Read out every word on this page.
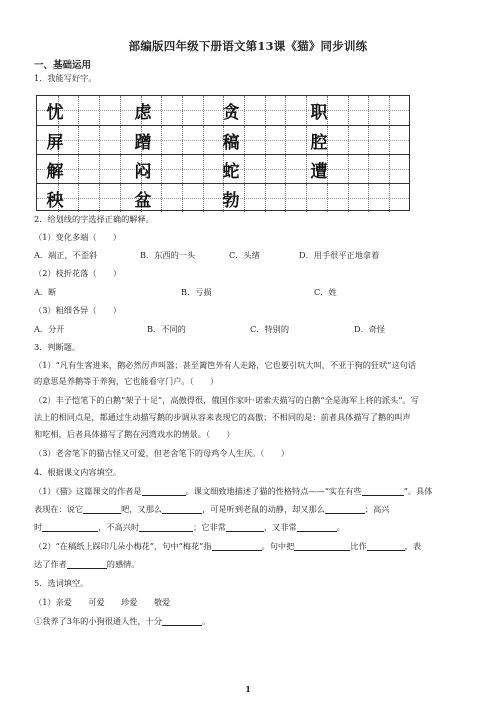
部编版四年级下册语文第13课《猫》同步训练
一、基础运用
1．我能写好字。
忧	虑	贪	职
屏	蹭	稿	腔
解	闷	蛇	遭
秧	盆	勃
2．给划线的字选择正确的解释。
（1）变化多端（　　）
A．端正，不歪斜	B．东西的一头	C．头绪	D．用手很平正地拿着
（2）枝折花落（　　）
A．断	B．亏损	C．姓
（3）粗细各异（　　）
A．分开	B．不同的	C．特别的	D．奇怪
3．判断题。
（1）“凡有生客进来，鹅必然厉声叫嚣；甚至篱笆外有人走路，它也要引吭大叫，不亚于狗的狂吠”这句话
的意思是养鹅等于养狗，它也能看守门户。（　　）
（2）丰子恺笔下的白鹅“架子十足”，高傲得很，俄国作家叶·诺索夫描写的白鹅“全是海军上将的派头”。写
法上的相同点是，都通过生动描写鹅的步调从容来表现它的高傲；不相同的是：前者具体描写了鹅的叫声
和吃相，后者具体描写了鹅在河湾戏水的情景。（　　）
（3）老舍笔下的猫古怪又可爱，但老舍笔下的母鸡令人生厌。（　　）
4．根据课文内容填空。
（1）《猫》这篇课文的作者是	。课文细致地描述了猫的性格特点——“实在有些	”。具体
表现在：说它	吧，又那么	，可是听到老鼠的动静，却又那么	；高兴
时	，不高兴时	；它非常	，又非常	。
（2）“在稿纸上踩印几朵小梅花”，句中“梅花”指	。句中把	比作	，表
达了作者	的感情。
5．选词填空。
（1）亲爱　　可爱　　珍爱　　敬爱
①我养了3年的小狗很通人性，十分	。
1
